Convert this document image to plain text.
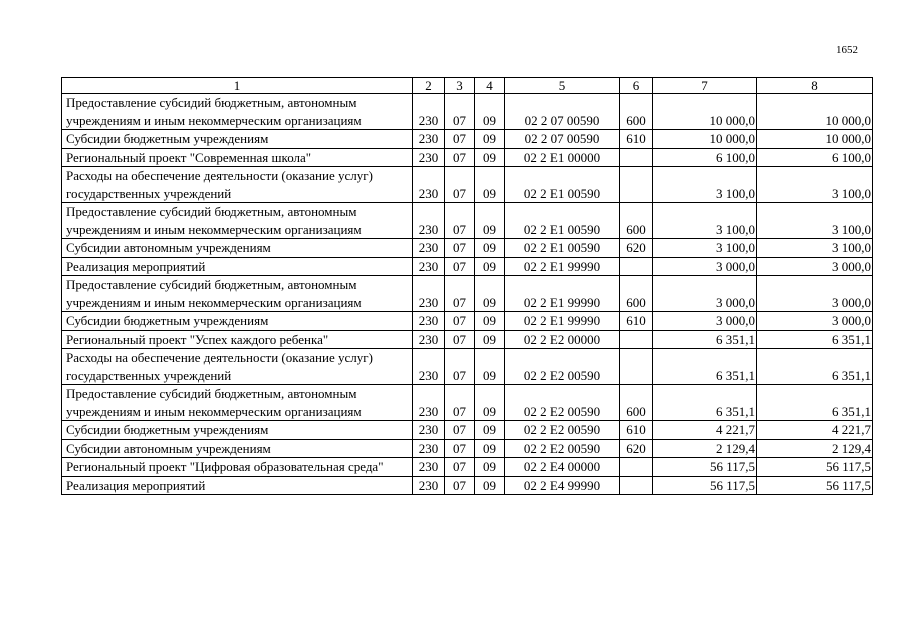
1652
1	2	3	4	5	6	7	8
Предоставление субсидий бюджетным, автономным учреждениям и иным некоммерческим организациям	230	07	09	02 2 07 00590	600	10 000,0	10 000,0
Субсидии бюджетным учреждениям	230	07	09	02 2 07 00590	610	10 000,0	10 000,0
Региональный проект "Современная школа"	230	07	09	02 2 E1 00000		6 100,0	6 100,0
Расходы на обеспечение деятельности (оказание услуг) государственных учреждений	230	07	09	02 2 E1 00590		3 100,0	3 100,0
Предоставление субсидий бюджетным, автономным учреждениям и иным некоммерческим организациям	230	07	09	02 2 E1 00590	600	3 100,0	3 100,0
Субсидии автономным учреждениям	230	07	09	02 2 E1 00590	620	3 100,0	3 100,0
Реализация мероприятий	230	07	09	02 2 E1 99990		3 000,0	3 000,0
Предоставление субсидий бюджетным, автономным учреждениям и иным некоммерческим организациям	230	07	09	02 2 E1 99990	600	3 000,0	3 000,0
Субсидии бюджетным учреждениям	230	07	09	02 2 E1 99990	610	3 000,0	3 000,0
Региональный проект "Успех каждого ребенка"	230	07	09	02 2 E2 00000		6 351,1	6 351,1
Расходы на обеспечение деятельности (оказание услуг) государственных учреждений	230	07	09	02 2 E2 00590		6 351,1	6 351,1
Предоставление субсидий бюджетным, автономным учреждениям и иным некоммерческим организациям	230	07	09	02 2 E2 00590	600	6 351,1	6 351,1
Субсидии бюджетным учреждениям	230	07	09	02 2 E2 00590	610	4 221,7	4 221,7
Субсидии автономным учреждениям	230	07	09	02 2 E2 00590	620	2 129,4	2 129,4
Региональный проект "Цифровая образовательная среда"	230	07	09	02 2 E4 00000		56 117,5	56 117,5
Реализация мероприятий	230	07	09	02 2 E4 99990		56 117,5	56 117,5
